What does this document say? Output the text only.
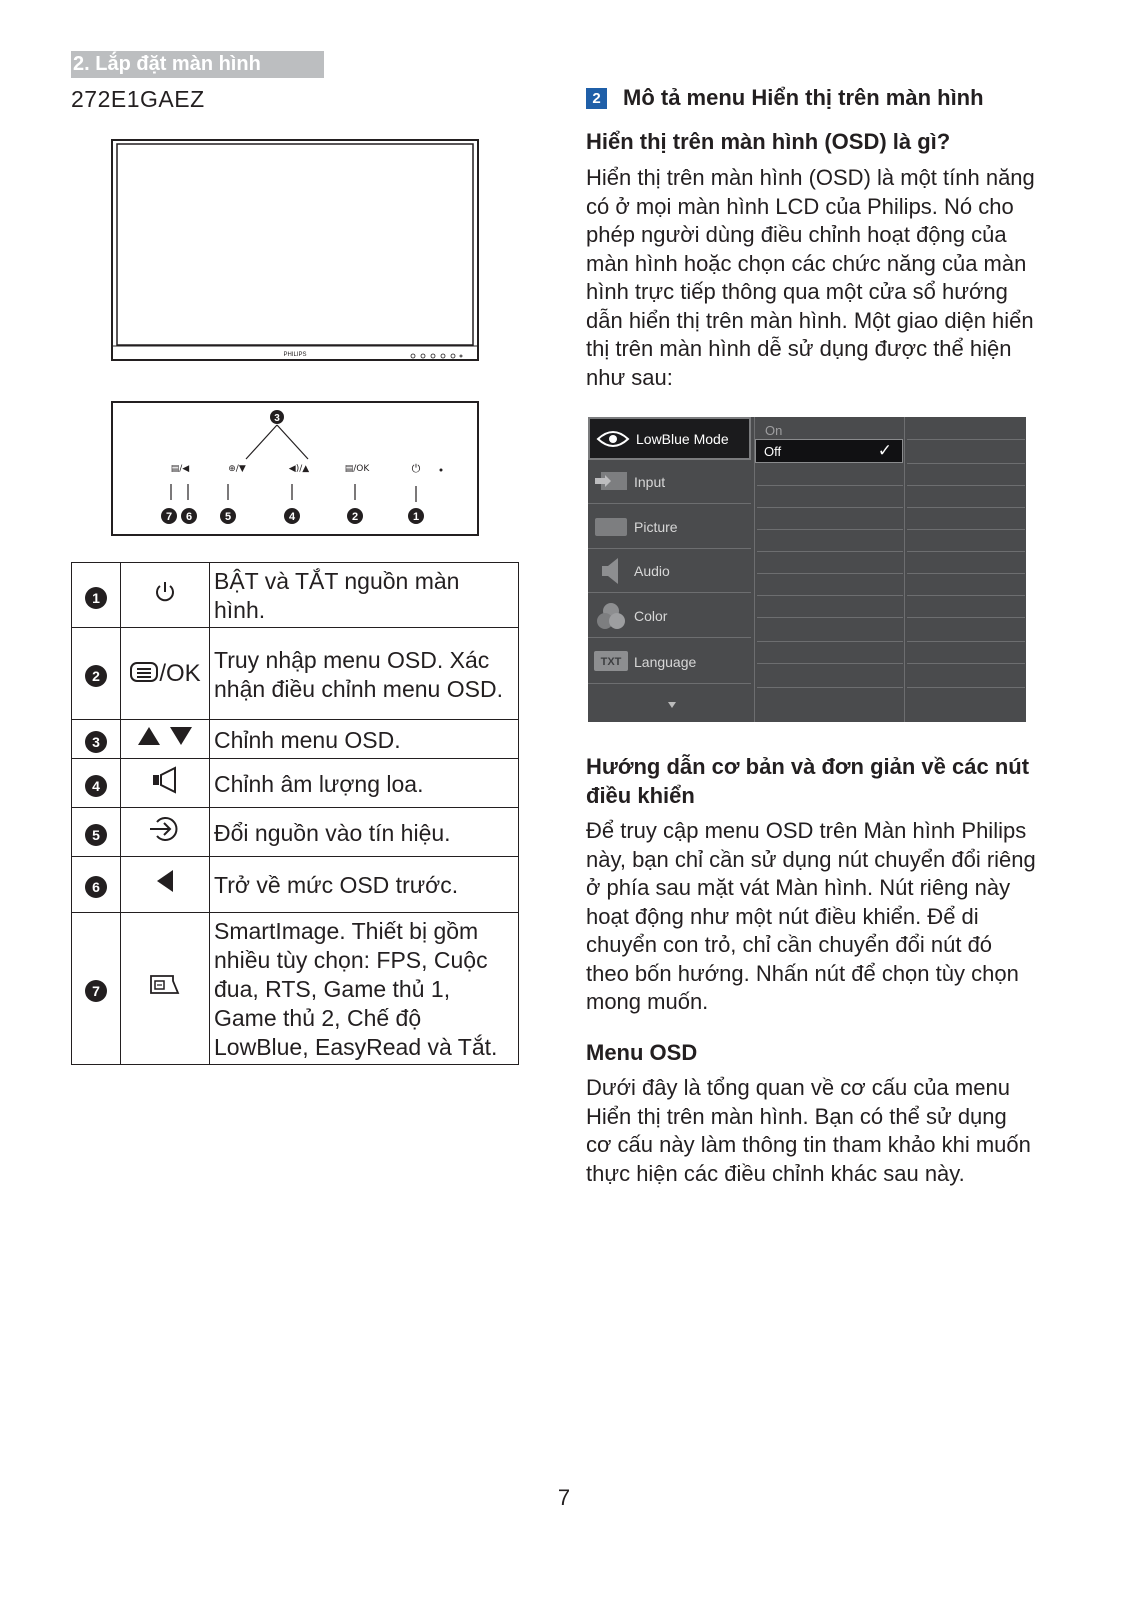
2. Lắp đặt màn hình
272E1GAEZ
PHILIPS
3
▤/◀	⊕/▼	◀)/▲	▤/OK	⏻
7 6	5	4	2	1
1		BẬT và TẮT nguồn màn hình.
2	/OK	Truy nhập menu OSD. Xác nhận điều chỉnh menu OSD.
3		Chỉnh menu OSD.
4		Chỉnh âm lượng loa.
5		Đổi nguồn vào tín hiệu.
6		Trở về mức OSD trước.
7		SmartImage. Thiết bị gồm nhiều tùy chọn: FPS, Cuộc đua, RTS, Game thủ 1, Game thủ 2, Chế độ LowBlue, EasyRead và Tắt.
2 Mô tả menu Hiển thị trên màn hình
Hiển thị trên màn hình (OSD) là gì?
Hiển thị trên màn hình (OSD) là một tính năng có ở mọi màn hình LCD của Philips. Nó cho phép người dùng điều chỉnh hoạt động của màn hình hoặc chọn các chức năng của màn hình trực tiếp thông qua một cửa sổ hướng dẫn hiển thị trên màn hình. Một giao diện hiển thị trên màn hình dễ sử dụng được thể hiện như sau:
LowBlue Mode
Input
Picture
Audio
Color
TXT Language
On
Off	✓
Hướng dẫn cơ bản và đơn giản về các nút điều khiển
Để truy cập menu OSD trên Màn hình Philips này, bạn chỉ cần sử dụng nút chuyển đổi riêng ở phía sau mặt vát Màn hình. Nút riêng này hoạt động như một nút điều khiển. Để di chuyển con trỏ, chỉ cần chuyển đổi nút đó theo bốn hướng. Nhấn nút để chọn tùy chọn mong muốn.
Menu OSD
Dưới đây là tổng quan về cơ cấu của menu Hiển thị trên màn hình. Bạn có thể sử dụng cơ cấu này làm thông tin tham khảo khi muốn thực hiện các điều chỉnh khác sau này.
7
